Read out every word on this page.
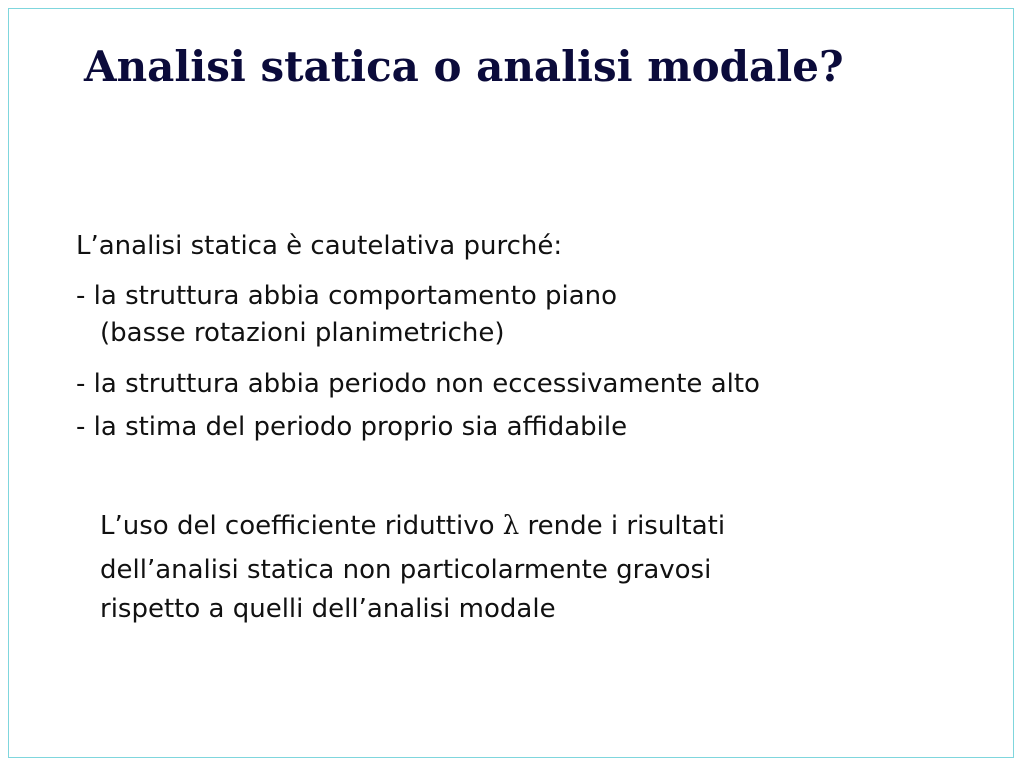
Analisi statica o analisi modale?
L’analisi statica è cautelativa purché:
- la struttura abbia comportamento piano
(basse rotazioni planimetriche)
- la struttura abbia periodo non eccessivamente alto
- la stima del periodo proprio sia affidabile
L’uso del coefficiente riduttivo λ rende i risultati
dell’analisi statica non particolarmente gravosi
rispetto a quelli dell’analisi modale
